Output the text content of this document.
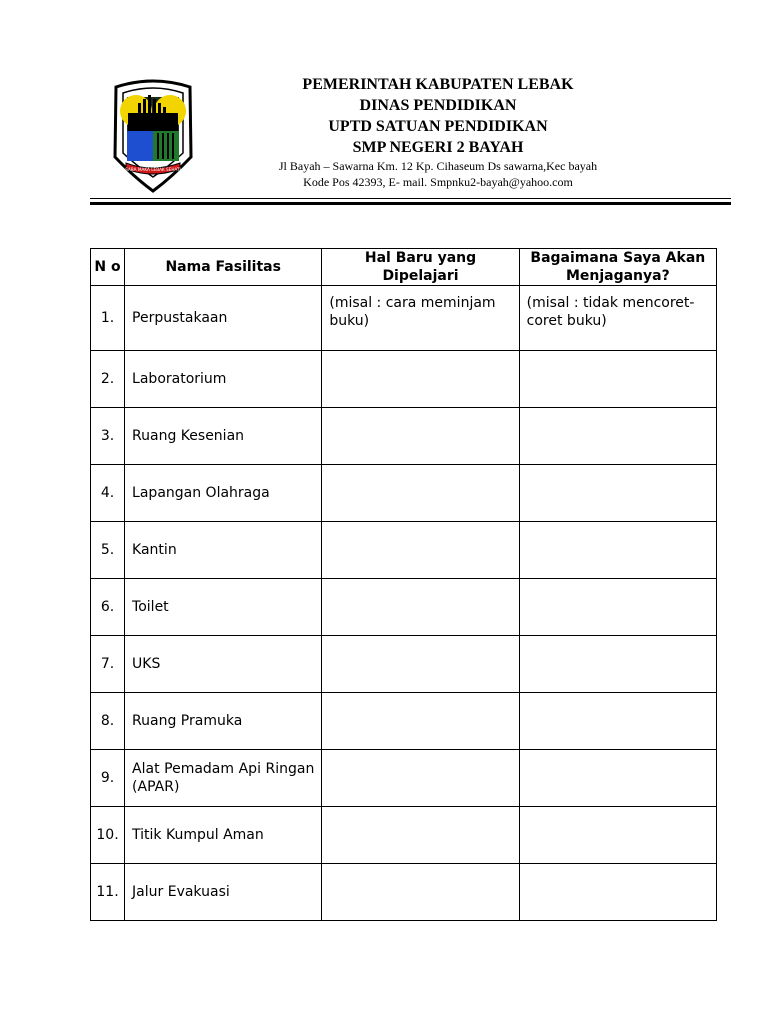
SABA MAKA LEBAK SEHATI
PEMERINTAH KABUPATEN LEBAK
DINAS PENDIDIKAN
UPTD SATUAN PENDIDIKAN
SMP NEGERI 2 BAYAH
Jl Bayah – Sawarna Km. 12 Kp. Cihaseum Ds sawarna,Kec bayah
Kode Pos 42393, E- mail. Smpnku2-bayah@yahoo.com
N o	Nama Fasilitas	Hal Baru yang Dipelajari	Bagaimana Saya Akan Menjaganya?
1.	Perpustakaan	(misal : cara meminjam buku)	(misal : tidak mencoret-coret buku)
2.	Laboratorium		
3.	Ruang Kesenian		
4.	Lapangan Olahraga		
5.	Kantin		
6.	Toilet		
7.	UKS		
8.	Ruang Pramuka		
9.	Alat Pemadam Api Ringan (APAR)		
10.	Titik Kumpul Aman		
11.	Jalur Evakuasi		
